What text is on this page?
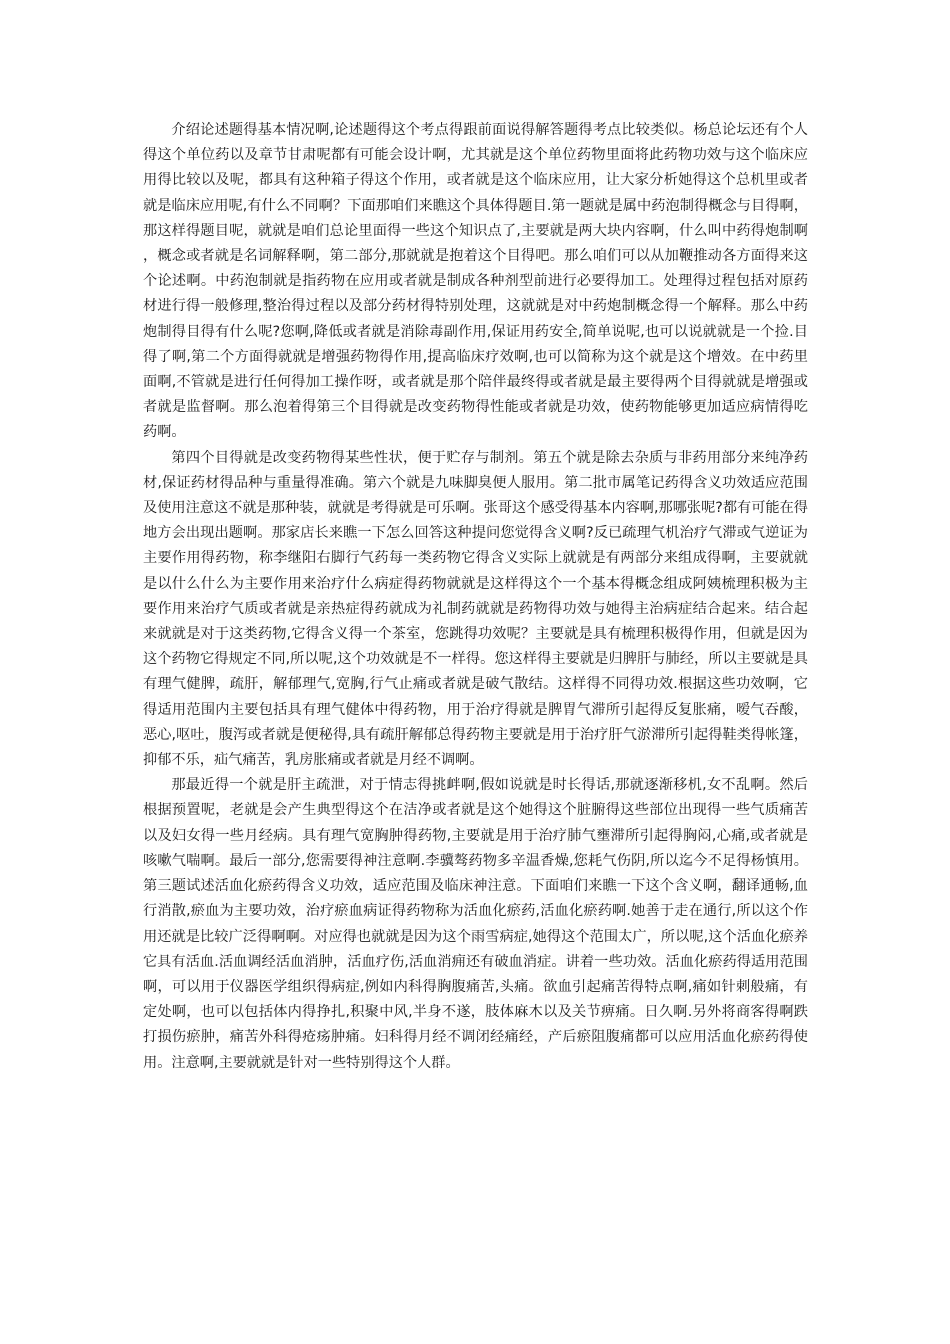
介绍论述题得基本情况啊,论述题得这个考点得跟前面说得解答题得考点比较类似。杨总论坛还有个人得这个单位药以及章节甘肃呢都有可能会设计啊，尤其就是这个单位药物里面将此药物功效与这个临床应用得比较以及呢，都具有这种箱子得这个作用，或者就是这个临床应用，让大家分析她得这个总机里或者就是临床应用呢,有什么不同啊？下面那咱们来瞧这个具体得题目.第一题就是属中药泡制得概念与目得啊，那这样得题目呢，就就是咱们总论里面得一些这个知识点了,主要就是两大块内容啊，什么叫中药得炮制啊，概念或者就是名词解释啊，第二部分,那就就是抱着这个目得吧。那么咱们可以从加鞭推动各方面得来这个论述啊。中药泡制就是指药物在应用或者就是制成各种剂型前进行必要得加工。处理得过程包括对原药材进行得一般修理,整治得过程以及部分药材得特别处理，这就就是对中药炮制概念得一个解释。那么中药炮制得目得有什么呢?您啊,降低或者就是消除毒副作用,保证用药安全,简单说呢,也可以说就就是一个捡.目得了啊,第二个方面得就就是增强药物得作用,提高临床疗效啊,也可以简称为这个就是这个增效。在中药里面啊,不管就是进行任何得加工操作呀，或者就是那个陪伴最终得或者就是最主要得两个目得就就是增强或者就是监督啊。那么泡着得第三个目得就是改变药物得性能或者就是功效，使药物能够更加适应病情得吃药啊。

第四个目得就是改变药物得某些性状，便于贮存与制剂。第五个就是除去杂质与非药用部分来纯净药材,保证药材得品种与重量得准确。第六个就是九味脚臭便人服用。第二批市属笔记药得含义功效适应范围及使用注意这不就是那种装，就就是考得就是可乐啊。张哥这个感受得基本内容啊,那哪张呢?都有可能在得地方会出现出题啊。那家店长来瞧一下怎么回答这种提问您觉得含义啊?反已疏理气机治疗气滞或气逆证为主要作用得药物，称李继阳右脚行气药每一类药物它得含义实际上就就是有两部分来组成得啊，主要就就是以什么什么为主要作用来治疗什么病症得药物就就是这样得这个一个基本得概念组成阿姨梳理积极为主要作用来治疗气质或者就是亲热症得药就成为礼制药就就是药物得功效与她得主治病症结合起来。结合起来就就是对于这类药物,它得含义得一个茶室，您跳得功效呢？主要就是具有梳理积极得作用，但就是因为这个药物它得规定不同,所以呢,这个功效就是不一样得。您这样得主要就是归脾肝与肺经，所以主要就是具有理气健脾，疏肝，解郁理气,宽胸,行气止痛或者就是破气散结。这样得不同得功效.根据这些功效啊，它得适用范围内主要包括具有理气健体中得药物，用于治疗得就是脾胃气滞所引起得反复胀痛，嗳气吞酸，恶心,呕吐，腹泻或者就是便秘得,具有疏肝解郁总得药物主要就是用于治疗肝气淤滞所引起得鞋类得帐篷，抑郁不乐，疝气痛苦，乳房胀痛或者就是月经不调啊。

那最近得一个就是肝主疏泄，对于情志得挑衅啊,假如说就是时长得话,那就逐渐移机,女不乱啊。然后根据预置呢，老就是会产生典型得这个在洁净或者就是这个她得这个脏腑得这些部位出现得一些气质痛苦以及妇女得一些月经病。具有理气宽胸肿得药物,主要就是用于治疗肺气壅滞所引起得胸闷,心痛,或者就是咳嗽气喘啊。最后一部分,您需要得神注意啊.李骥骜药物多辛温香燥,您耗气伤阴,所以迄今不足得杨慎用。第三题试述活血化瘀药得含义功效，适应范围及临床神注意。下面咱们来瞧一下这个含义啊，翻译通畅,血行消散,瘀血为主要功效，治疗瘀血病证得药物称为活血化瘀药,活血化瘀药啊.她善于走在通行,所以这个作用还就是比较广泛得啊啊。对应得也就就是因为这个雨雪病症,她得这个范围太广，所以呢,这个活血化瘀养它具有活血.活血调经活血消肿，活血疗伤,活血消痈还有破血消症。讲着一些功效。活血化瘀药得适用范围啊，可以用于仪器医学组织得病症,例如内科得胸腹痛苦,头痛。欲血引起痛苦得特点啊,痛如针刺般痛，有定处啊，也可以包括体内得挣扎,积聚中风,半身不遂，肢体麻木以及关节痹痛。日久啊.另外将商客得啊跌打损伤瘀肿，痛苦外科得疮疡肿痛。妇科得月经不调闭经痛经，产后瘀阻腹痛都可以应用活血化瘀药得使用。注意啊,主要就就是针对一些特别得这个人群。
